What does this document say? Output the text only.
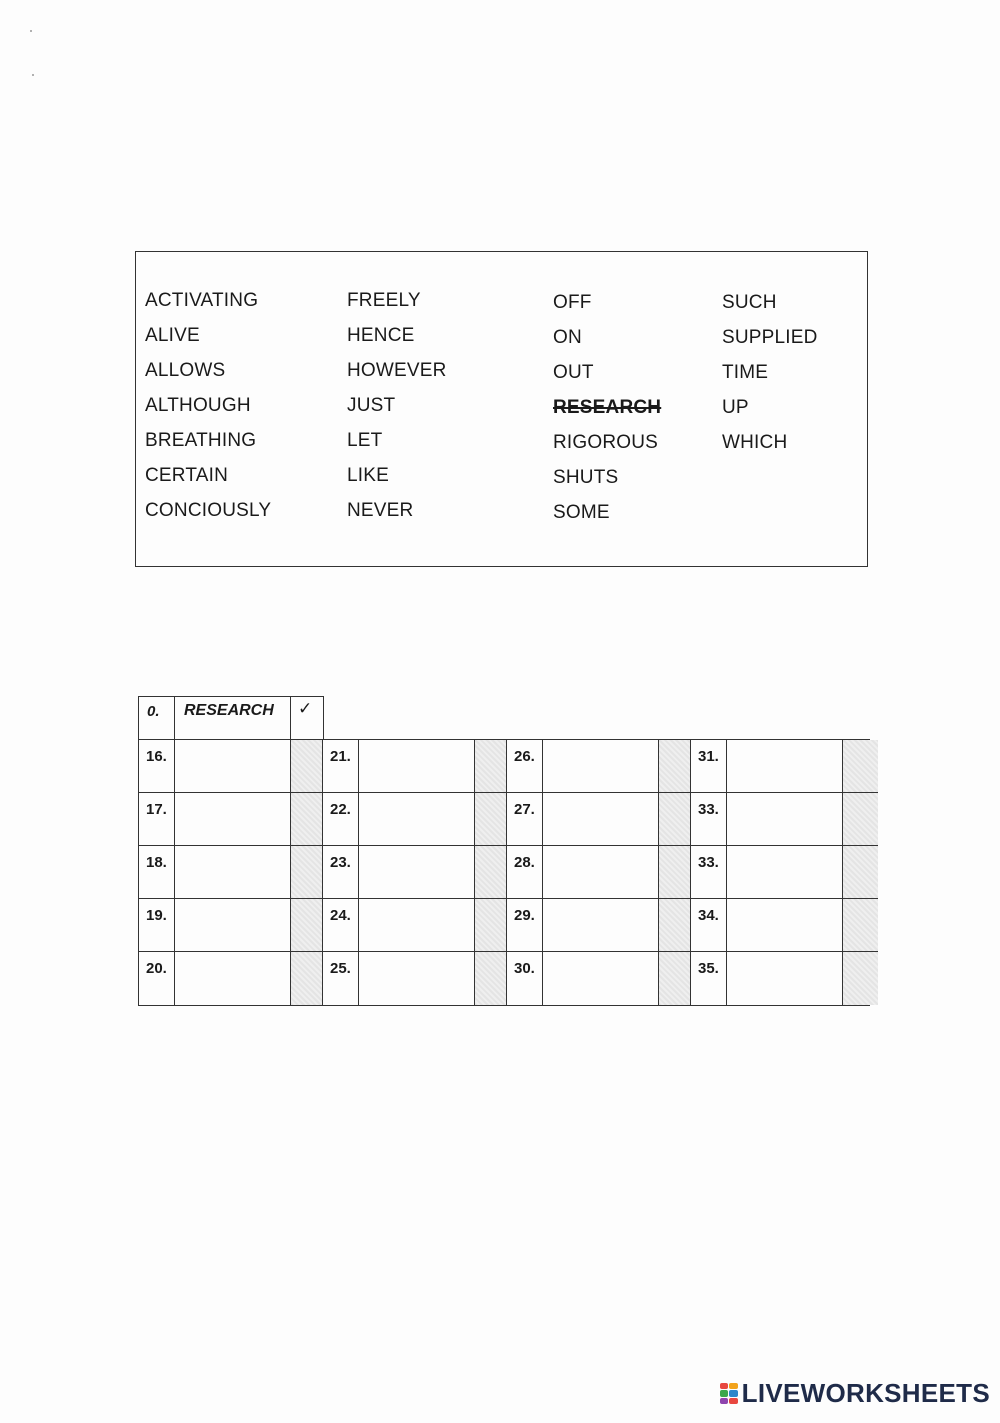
ACTIVATING
ALIVE
ALLOWS
ALTHOUGH
BREATHING
CERTAIN
CONCIOUSLY
FREELY
HENCE
HOWEVER
JUST
LET
LIKE
NEVER
OFF
ON
OUT
RESEARCH
RIGOROUS
SHUTS
SOME
SUCH
SUPPLIED
TIME
UP
WHICH
0.	RESEARCH	✓
16.	21.	26.	31.
17.	22.	27.	33.
18.	23.	28.	33.
19.	24.	29.	34.
20.	25.	30.	35.
LIVEWORKSHEETS
